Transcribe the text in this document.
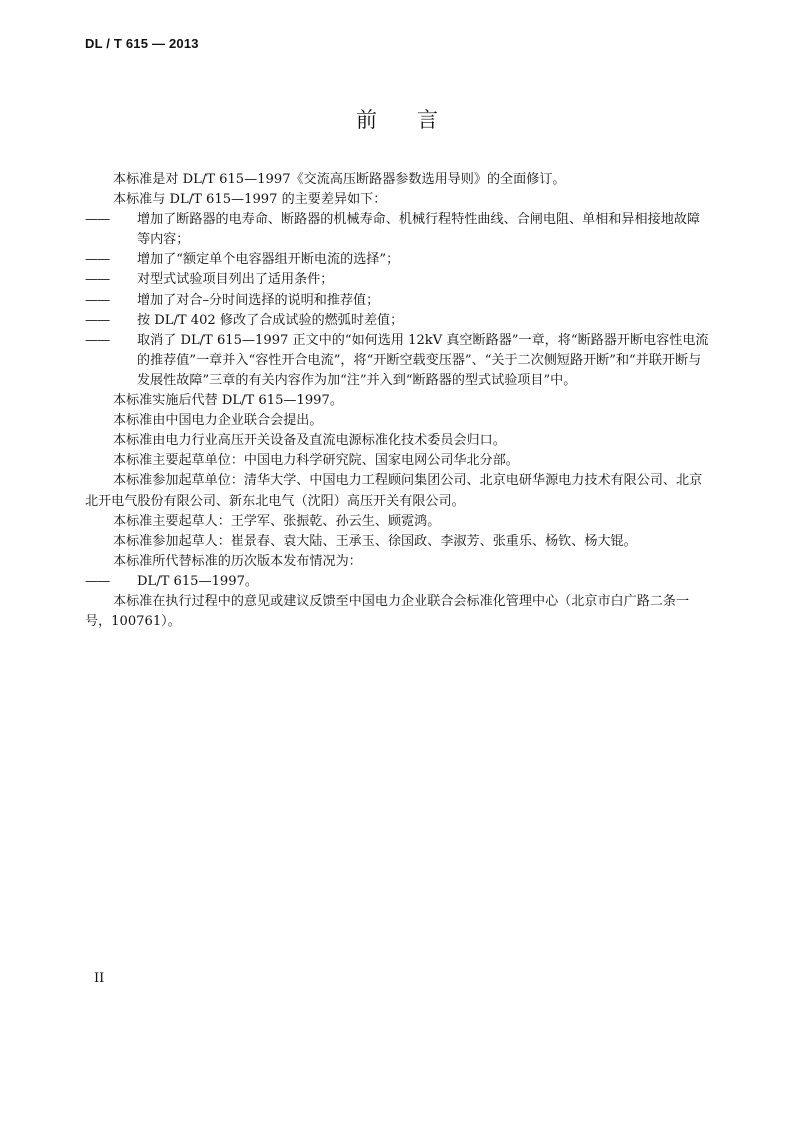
DL / T 615 — 2013
前 言

本标准是对 DL/T 615—1997《交流高压断路器参数选用导则》的全面修订。

本标准与 DL/T 615—1997 的主要差异如下：

—— 增加了断路器的电寿命、断路器的机械寿命、机械行程特性曲线、合闸电阻、单相和异相接地故障等内容；

—— 增加了“额定单个电容器组开断电流的选择”；

—— 对型式试验项目列出了适用条件；

—— 增加了对合–分时间选择的说明和推荐值；

—— 按 DL/T 402 修改了合成试验的燃弧时差值；

—— 取消了 DL/T 615—1997 正文中的“如何选用 12kV 真空断路器”一章，将“断路器开断电容性电流的推荐值”一章并入“容性开合电流”，将“开断空载变压器”、“关于二次侧短路开断”和“并联开断与发展性故障”三章的有关内容作为加“注”并入到“断路器的型式试验项目”中。

本标准实施后代替 DL/T 615—1997。

本标准由中国电力企业联合会提出。

本标准由电力行业高压开关设备及直流电源标准化技术委员会归口。

本标准主要起草单位：中国电力科学研究院、国家电网公司华北分部。

本标准参加起草单位：清华大学、中国电力工程顾问集团公司、北京电研华源电力技术有限公司、北京北开电气股份有限公司、新东北电气（沈阳）高压开关有限公司。

本标准主要起草人：王学军、张振乾、孙云生、顾霓鸿。

本标准参加起草人：崔景春、袁大陆、王承玉、徐国政、李淑芳、张重乐、杨钦、杨大锟。

本标准所代替标准的历次版本发布情况为：

—— DL/T 615—1997。

本标准在执行过程中的意见或建议反馈至中国电力企业联合会标准化管理中心（北京市白广路二条一号，100761）。

II
